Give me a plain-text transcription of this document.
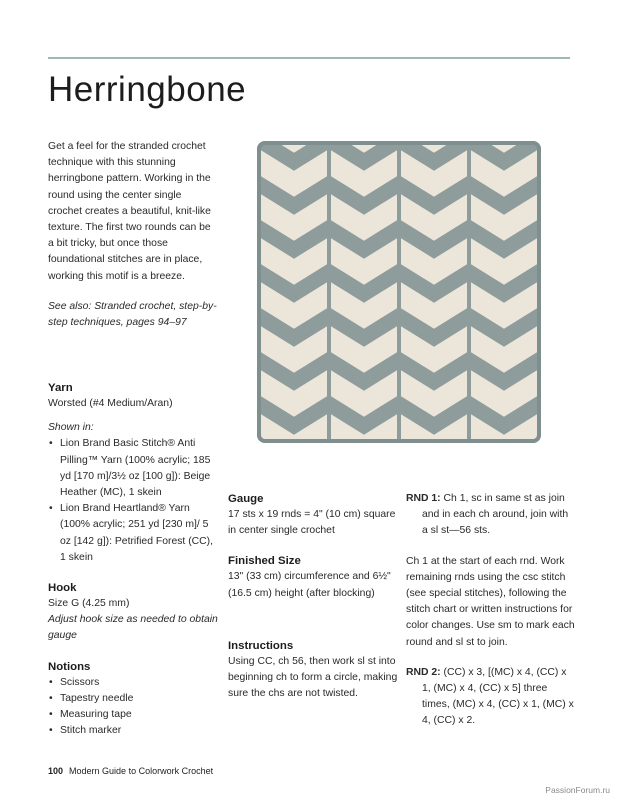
Herringbone
Get a feel for the stranded crochet technique with this stunning herringbone pattern. Working in the round using the center single crochet creates a beautiful, knit-like texture. The first two rounds can be a bit tricky, but once those foundational stitches are in place, working this motif is a breeze.
See also: Stranded crochet, step-by-step techniques, pages 94–97
Yarn
Worsted (#4 Medium/Aran)
Shown in:
• Lion Brand Basic Stitch® Anti Pilling™ Yarn (100% acrylic; 185 yd [170 m]/3½ oz [100 g]): Beige Heather (MC), 1 skein
• Lion Brand Heartland® Yarn (100% acrylic; 251 yd [230 m]/ 5 oz [142 g]): Petrified Forest (CC), 1 skein
Hook
Size G (4.25 mm)
Adjust hook size as needed to obtain gauge
Notions
• Scissors
• Tapestry needle
• Measuring tape
• Stitch marker
Gauge
17 sts x 19 rnds = 4" (10 cm) square in center single crochet
Finished Size
13" (33 cm) circumference and 6½" (16.5 cm) height (after blocking)
Instructions
Using CC, ch 56, then work sl st into beginning ch to form a circle, making sure the chs are not twisted.
RND 1: Ch 1, sc in same st as join and in each ch around, join with a sl st—56 sts.
Ch 1 at the start of each rnd. Work remaining rnds using the csc stitch (see special stitches), following the stitch chart or written instructions for color changes. Use sm to mark each round and sl st to join.
RND 2: (CC) x 3, [(MC) x 4, (CC) x 1, (MC) x 4, (CC) x 5] three times, (MC) x 4, (CC) x 1, (MC) x 4, (CC) x 2.
100 Modern Guide to Colorwork Crochet
PassionForum.ru
